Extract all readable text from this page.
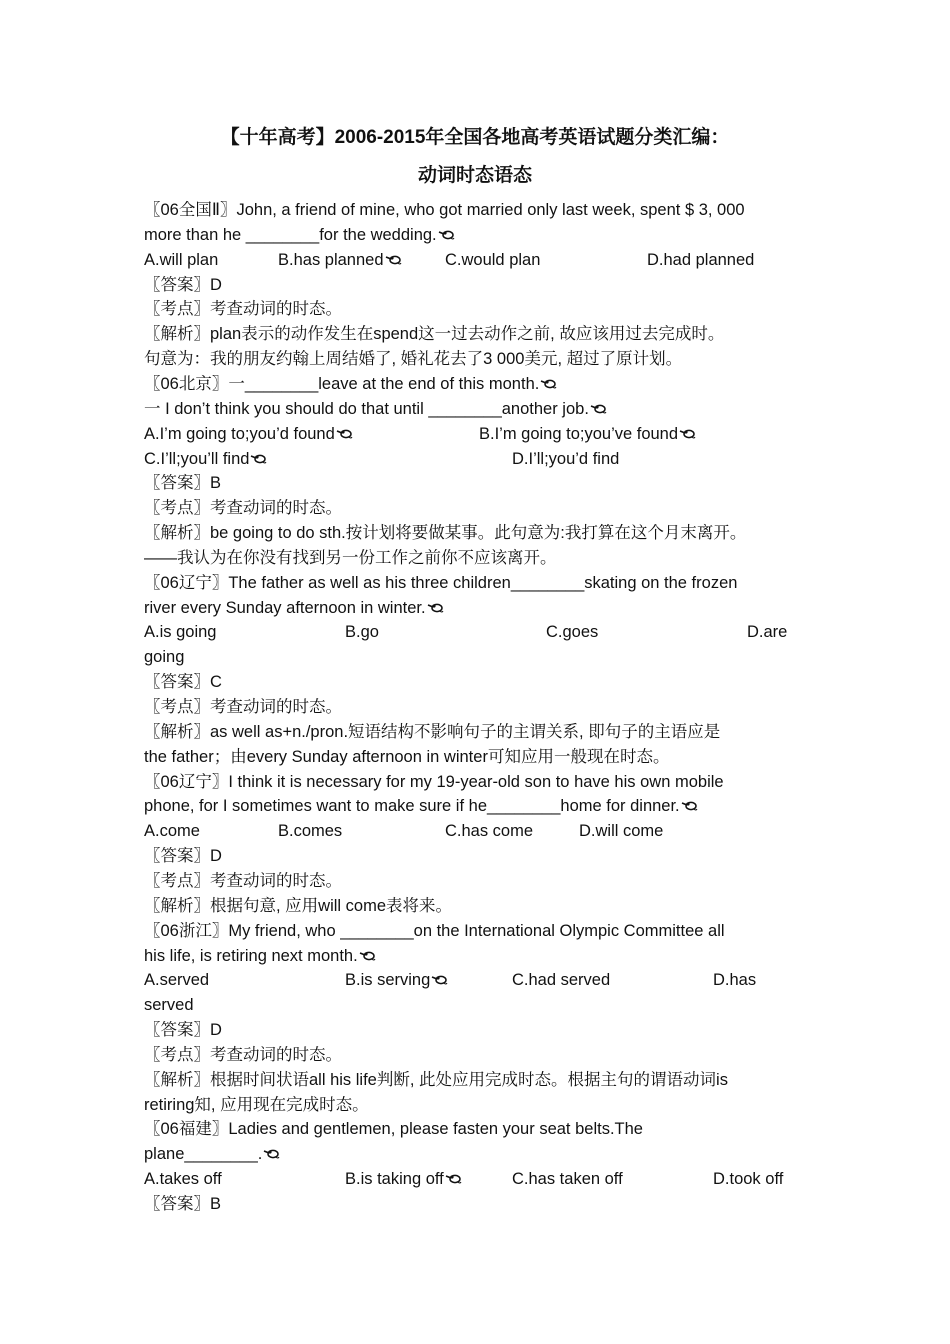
【十年高考】2006-2015年全国各地高考英语试题分类汇编：
动词时态语态
〖06全国Ⅱ〗John, a friend of mine, who got married only last week, spent $ 3, 000
more than he ________for the wedding.
A.will plan	B.has planned	C.would plan	D.had planned
〖答案〗D
〖考点〗考查动词的时态。
〖解析〗plan表示的动作发生在spend这一过去动作之前, 故应该用过去完成时。
句意为：我的朋友约翰上周结婚了, 婚礼花去了3 000美元, 超过了原计划。
〖06北京〗一________leave at the end of this month.
一 I don’t think you should do that until ________another job.
A.I’m going to;you’d found	B.I’m going to;you’ve found
C.I’ll;you’ll find	D.I’ll;you’d find
〖答案〗B
〖考点〗考查动词的时态。
〖解析〗be going to do sth.按计划将要做某事。此句意为:我打算在这个月末离开。
——我认为在你没有找到另一份工作之前你不应该离开。
〖06辽宁〗The father as well as his three children________skating on the frozen
river every Sunday afternoon in winter.
A.is going	B.go	C.goes	D.are
going
〖答案〗C
〖考点〗考查动词的时态。
〖解析〗as well as+n./pron.短语结构不影响句子的主谓关系, 即句子的主语应是
the father；由every Sunday afternoon in winter可知应用一般现在时态。
〖06辽宁〗I think it is necessary for my 19-year-old son to have his own mobile
phone, for I sometimes want to make sure if he________home for dinner.
A.come	B.comes	C.has come	D.will come
〖答案〗D
〖考点〗考查动词的时态。
〖解析〗根据句意, 应用will come表将来。
〖06浙江〗My friend, who ________on the International Olympic Committee all
his life, is retiring next month.
A.served	B.is serving	C.had served	D.has
served
〖答案〗D
〖考点〗考查动词的时态。
〖解析〗根据时间状语all his life判断, 此处应用完成时态。根据主句的谓语动词is
retiring知, 应用现在完成时态。
〖06福建〗Ladies and gentlemen, please fasten your seat belts.The
plane________.
A.takes off	B.is taking off	C.has taken off	D.took off
〖答案〗B
